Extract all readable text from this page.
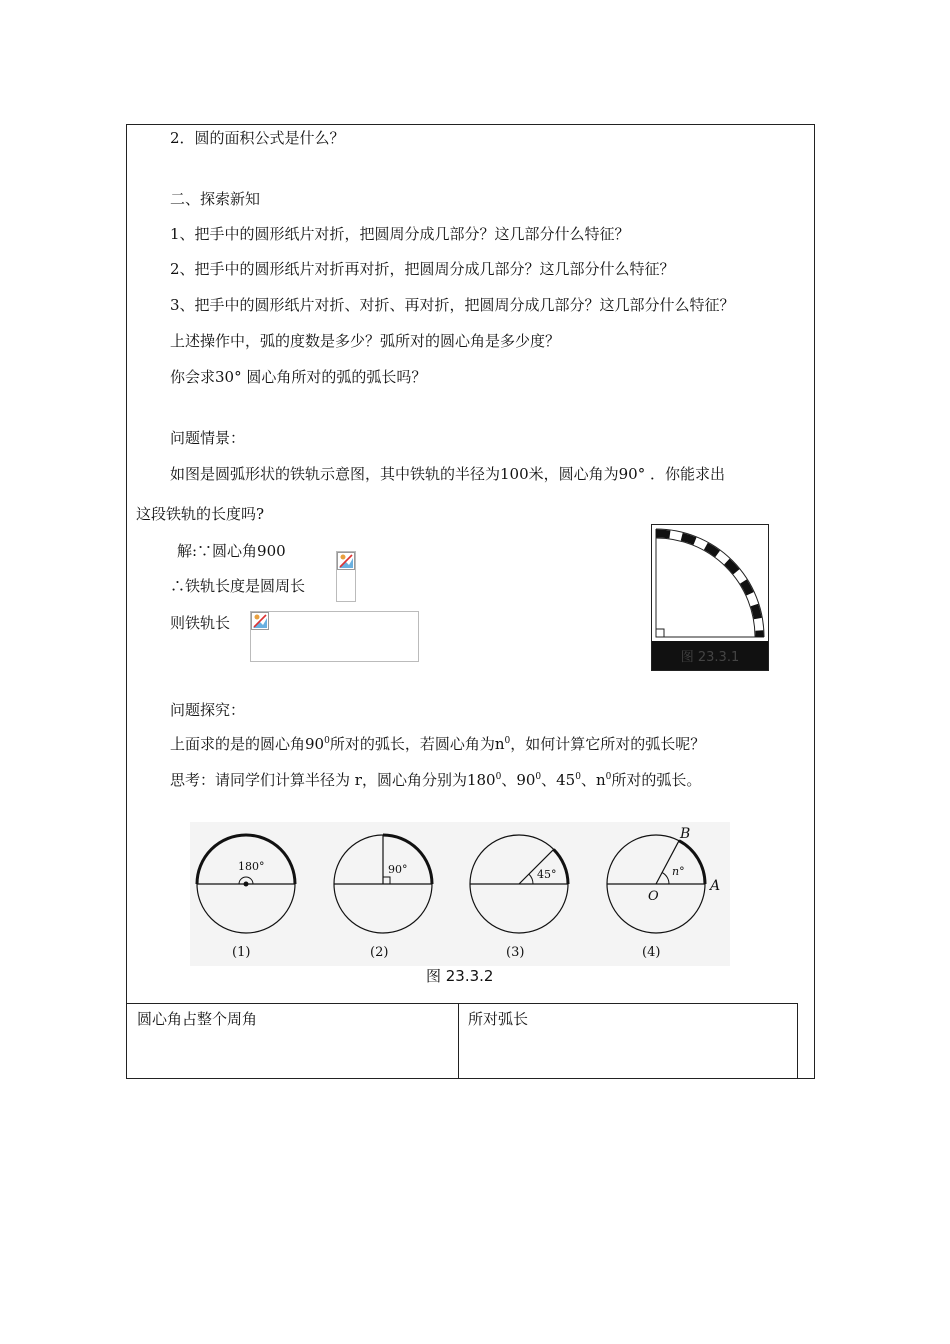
2．圆的面积公式是什么？
二、探索新知
1、把手中的圆形纸片对折，把圆周分成几部分？这几部分什么特征？
2、把手中的圆形纸片对折再对折，把圆周分成几部分？这几部分什么特征？
3、把手中的圆形纸片对折、对折、再对折，把圆周分成几部分？这几部分什么特征？
上述操作中，弧的度数是多少？弧所对的圆心角是多少度？
你会求30° 圆心角所对的弧的弧长吗？
问题情景：
如图是圆弧形状的铁轨示意图，其中铁轨的半径为100米，圆心角为90° ．你能求出
这段铁轨的长度吗?
解:∵圆心角900
∴铁轨长度是圆周长
则铁轨长
图 23.3.1
问题探究：
上面求的是的圆心角$90^0$所对的弧长，若圆心角为$n^0$，如何计算它所对的弧长呢？
思考：请同学们计算半径为 r，圆心角分别为$180^0$、$90^0$、$45^0$、$n^0$所对的弧长。
180°
(1)
90°
(2)
45°
(3)
n°
B
A
O
(4)
图 23.3.2
圆心角占整个周角	所对弧长
